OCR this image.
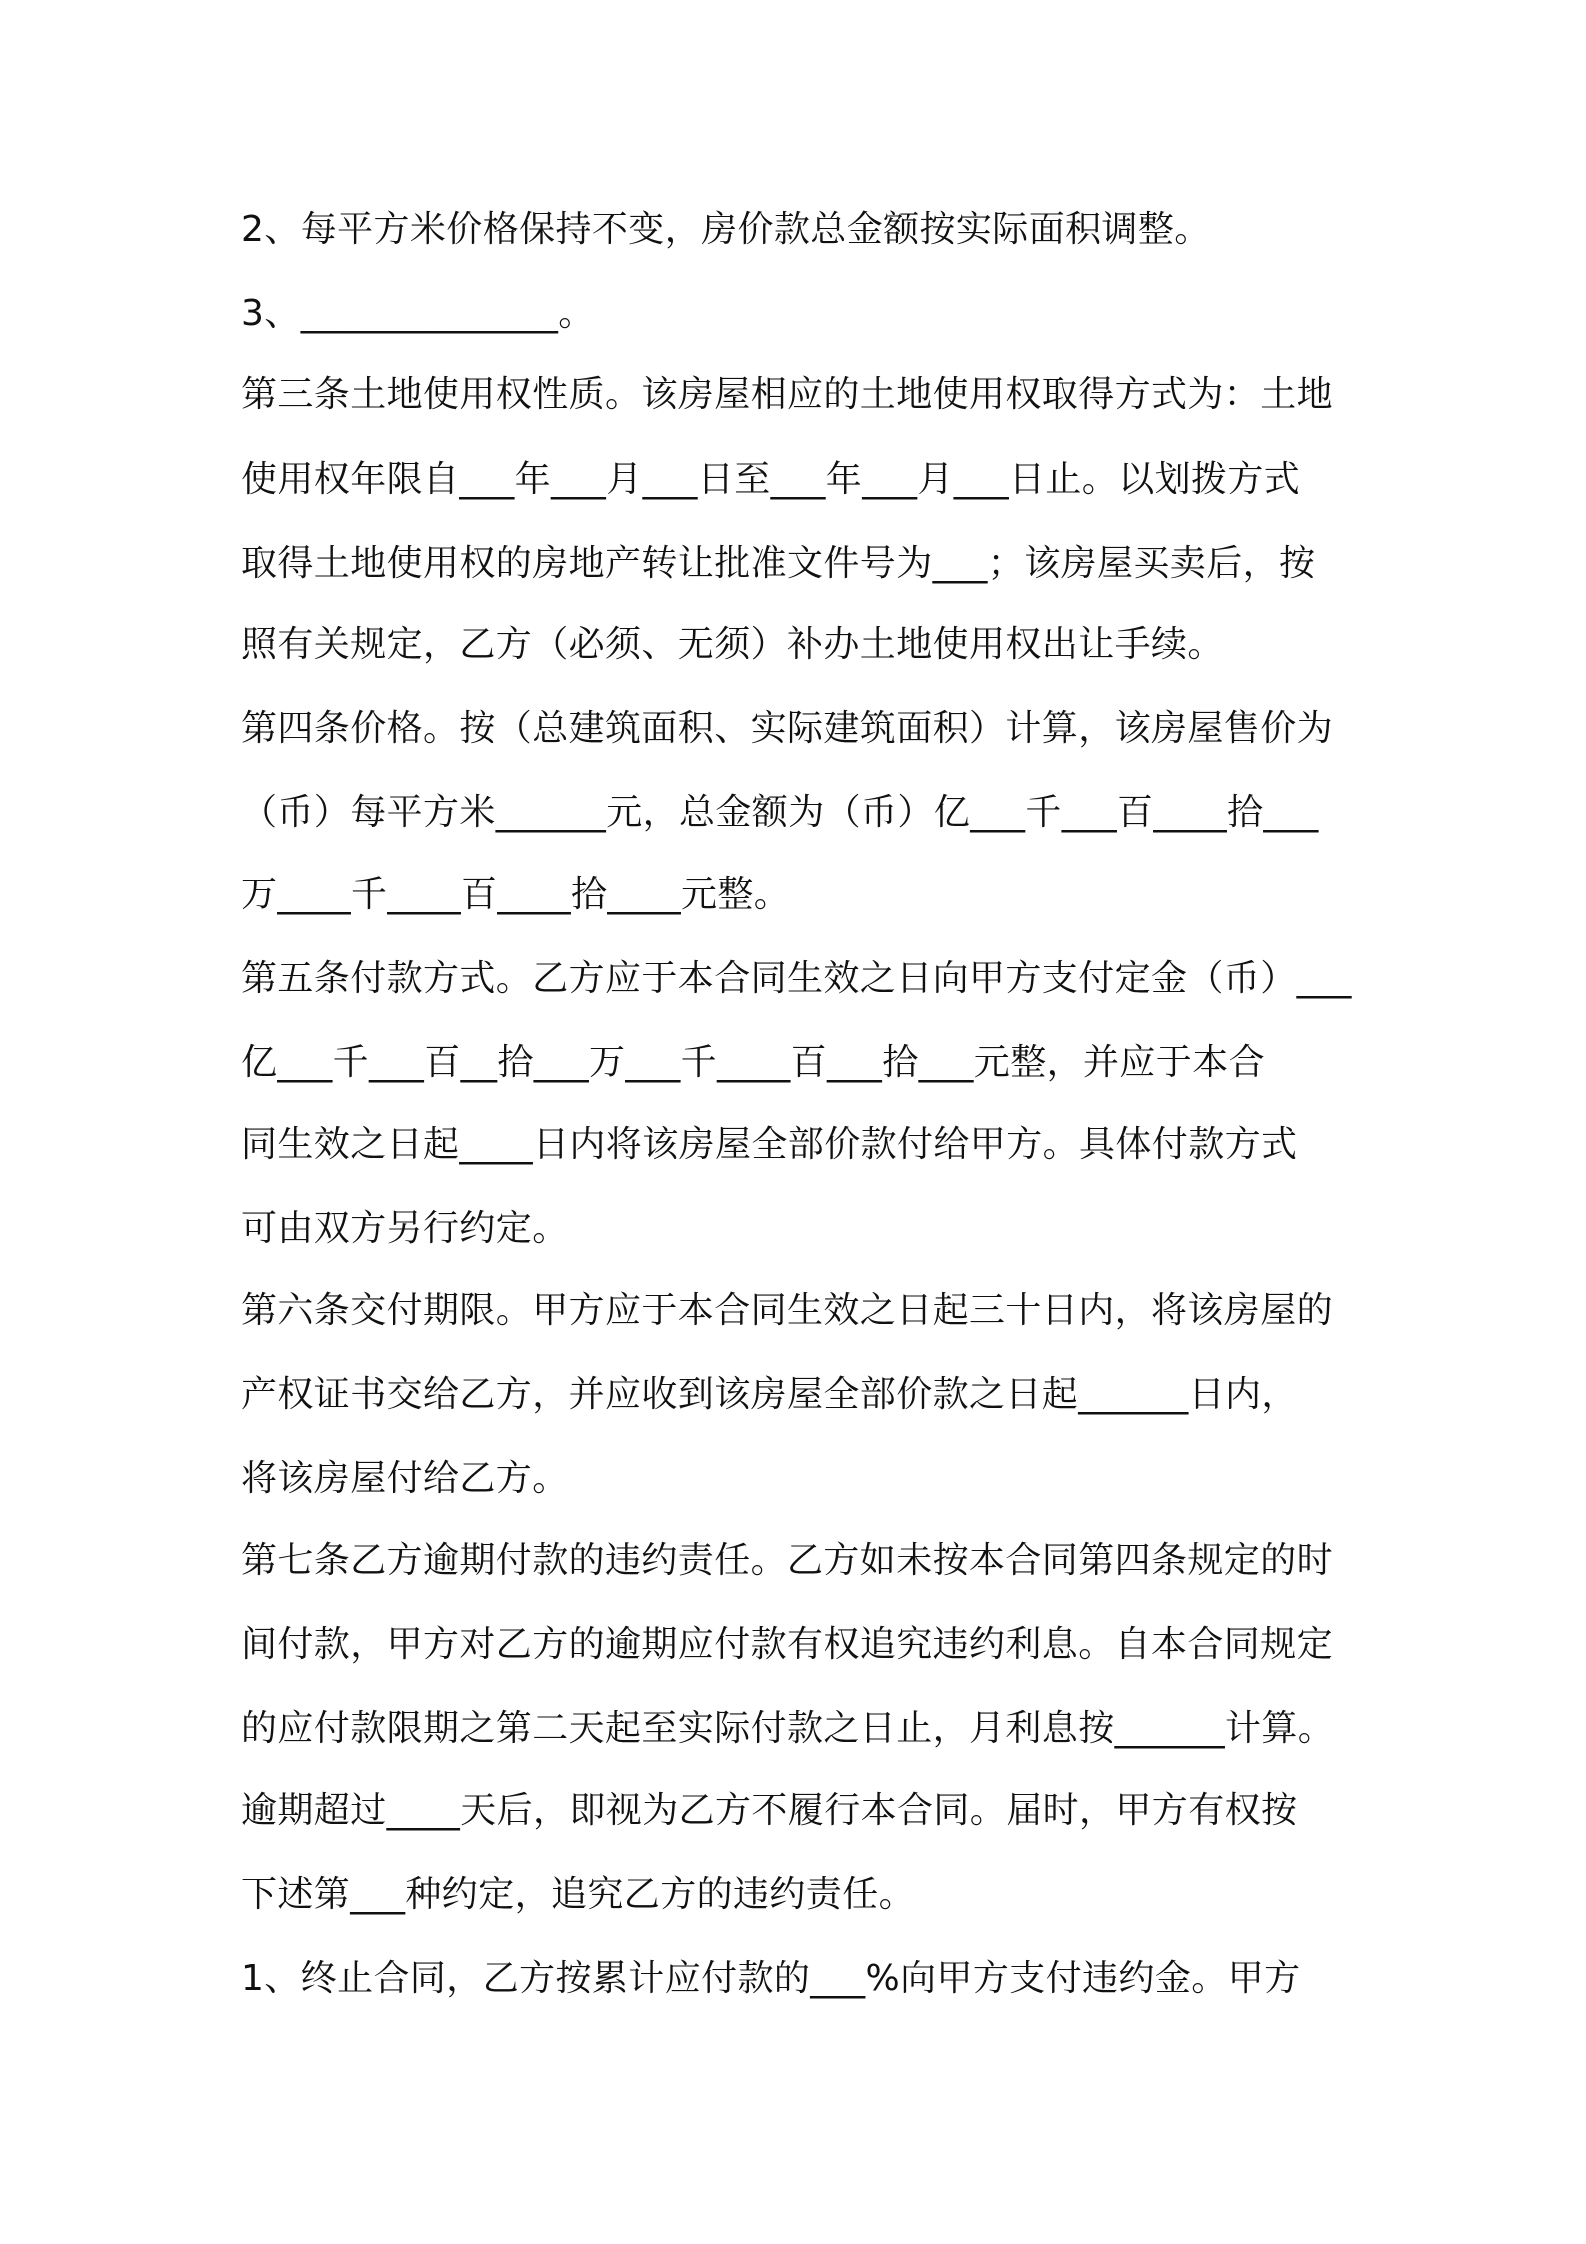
2、每平方米价格保持不变，房价款总金额按实际面积调整。
3、______________。
第三条土地使用权性质。该房屋相应的土地使用权取得方式为：土地
使用权年限自___年___月___日至___年___月___日止。以划拨方式
取得土地使用权的房地产转让批准文件号为___；该房屋买卖后，按
照有关规定，乙方（必须、无须）补办土地使用权出让手续。
第四条价格。按（总建筑面积、实际建筑面积）计算，该房屋售价为
（币）每平方米______元，总金额为（币）亿___千___百____拾___
万____千____百____拾____元整。
第五条付款方式。乙方应于本合同生效之日向甲方支付定金（币）___
亿___千___百__拾___万___千____百___拾___元整，并应于本合
同生效之日起____日内将该房屋全部价款付给甲方。具体付款方式
可由双方另行约定。
第六条交付期限。甲方应于本合同生效之日起三十日内，将该房屋的
产权证书交给乙方，并应收到该房屋全部价款之日起______日内，
将该房屋付给乙方。
第七条乙方逾期付款的违约责任。乙方如未按本合同第四条规定的时
间付款，甲方对乙方的逾期应付款有权追究违约利息。自本合同规定
的应付款限期之第二天起至实际付款之日止，月利息按______计算。
逾期超过____天后，即视为乙方不履行本合同。届时，甲方有权按
下述第___种约定，追究乙方的违约责任。
1、终止合同，乙方按累计应付款的___%向甲方支付违约金。甲方
